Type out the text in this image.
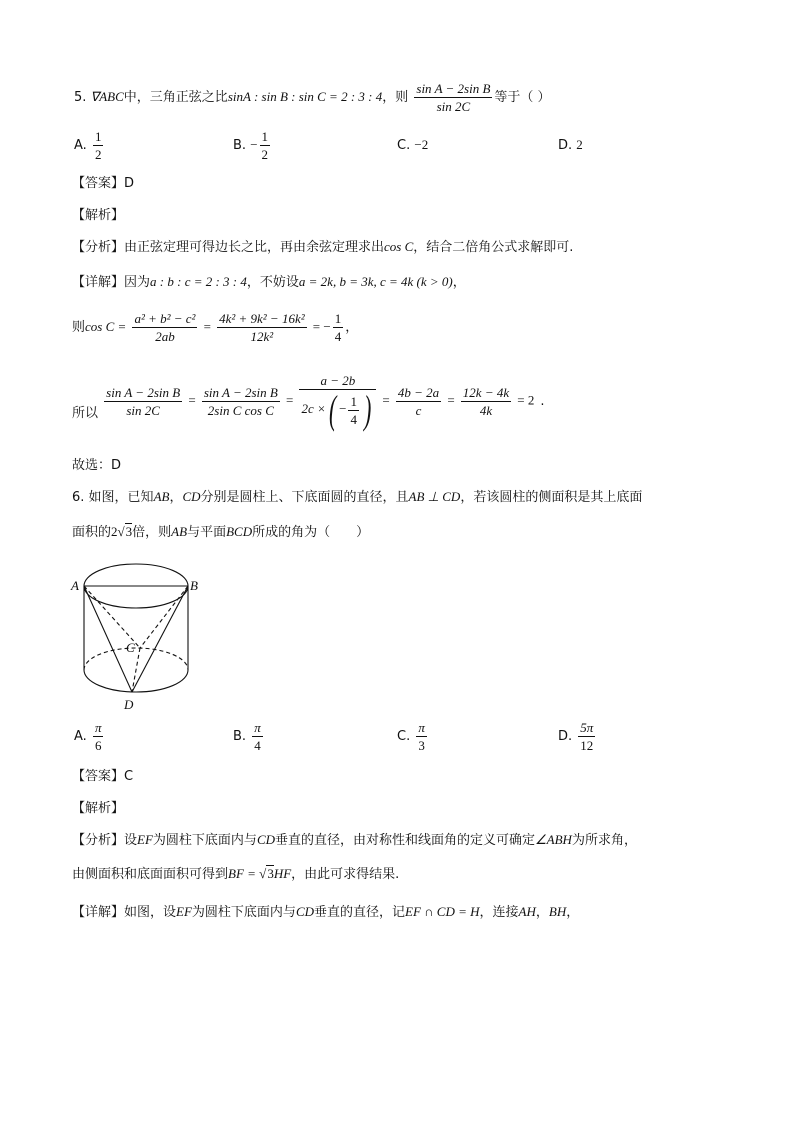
5. ∇ABC中，三角正弦之比sinA : sin B : sin C = 2 : 3 : 4，则 $\frac{\text{sin A − 2sin B}}{\sin 2C}$ 等于（ ）
A. $\frac{1}{2}$	B. − $\frac{1}{2}$	C. −2	D. 2
【答案】D
【解析】
【分析】由正弦定理可得边长之比，再由余弦定理求出cos C，结合二倍角公式求解即可.
【详解】因为a : b : c = 2 : 3 : 4，不妨设a = 2k, b = 3k, c = 4k (k > 0)，
则$\cos C = \frac{\text{a² + b² − c²}}{2ab} = \frac{\text{4k² + 9k² − 16k²}}{\text{12k²}}$ = − $\frac{1}{4}$ ，
所以 $\frac{\text{sin A − 2sin B}}{\sin 2C} = \frac{\text{sin A − 2sin B}}{\text{2sin C cos C}} = \frac{a - 2b}{2c \times( - \frac{1}{4} )} = \frac{4b - 2a}{c} = \frac{12k - 4k}{4k} = 2$ .
故选：D
6. 如图，已知AB，CD分别是圆柱上、下底面圆的直径，且AB ⊥ CD，若该圆柱的侧面积是其上底面
面积的2√3倍，则AB与平面BCD所成的角为（　　）
A	B
C
D
A. $\frac{\pi}{6}$	B. $\frac{\pi}{4}$	C. $\frac{\pi}{3}$	D. $\frac{5\pi}{12}$
【答案】C
【解析】
【分析】设EF为圆柱下底面内与CD垂直的直径，由对称性和线面角的定义可确定∠ABH为所求角，
由侧面积和底面面积可得到BF = √3HF，由此可求得结果.
【详解】如图，设EF为圆柱下底面内与CD垂直的直径，记EF ∩ CD = H，连接AH，BH，
